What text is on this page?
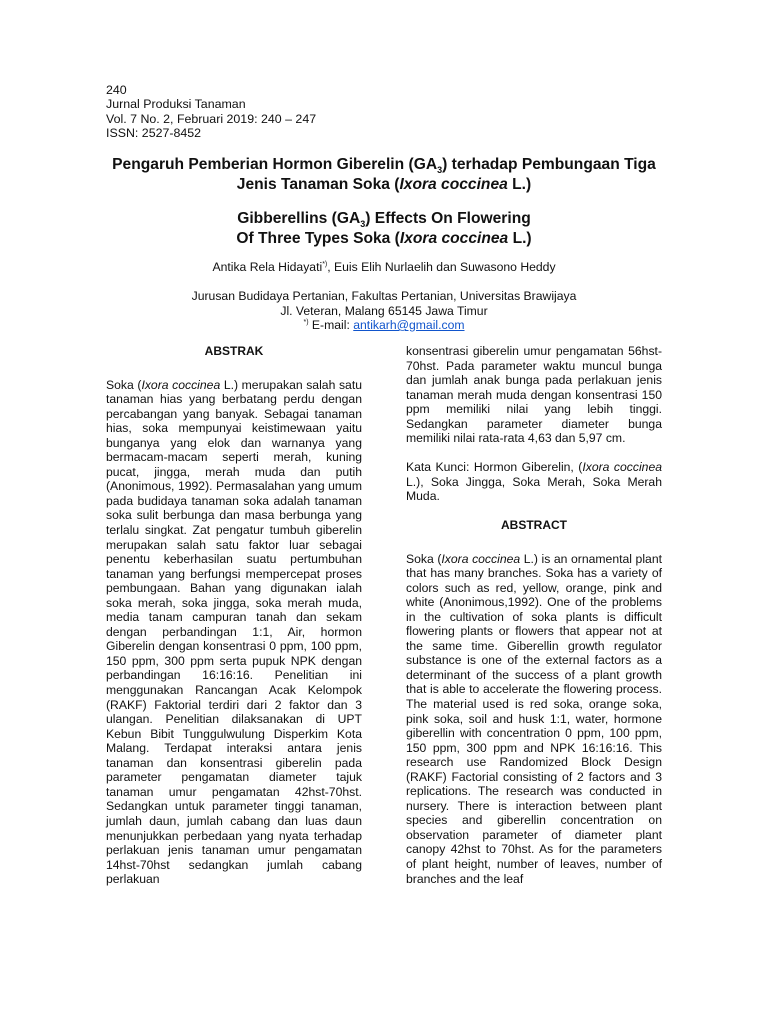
240
Jurnal Produksi Tanaman
Vol. 7 No. 2, Februari 2019: 240 – 247
ISSN: 2527-8452
Pengaruh Pemberian Hormon Giberelin $(GA_3)$ terhadap Pembungaan Tiga
Jenis Tanaman Soka (Ixora coccinea L.)
Gibberellins $(GA_3)$ Effects On Flowering
Of Three Types Soka (Ixora coccinea L.)
Antika Rela Hidayati*), Euis Elih Nurlaelih dan Suwasono Heddy
Jurusan Budidaya Pertanian, Fakultas Pertanian, Universitas Brawijaya
Jl. Veteran, Malang 65145 Jawa Timur
*) E-mail: antikarh@gmail.com
ABSTRAK

Soka (Ixora coccinea L.) merupakan salah satu tanaman hias yang berbatang perdu dengan percabangan yang banyak. Sebagai tanaman hias, soka mempunyai keistimewaan yaitu bunganya yang elok dan warnanya yang bermacam-macam seperti merah, kuning pucat, jingga, merah muda dan putih (Anonimous, 1992). Permasalahan yang umum pada budidaya tanaman soka adalah tanaman soka sulit berbunga dan masa berbunga yang terlalu singkat. Zat pengatur tumbuh giberelin merupakan salah satu faktor luar sebagai penentu keberhasilan suatu pertumbuhan tanaman yang berfungsi mempercepat proses pembungaan. Bahan yang digunakan ialah soka merah, soka jingga, soka merah muda, media tanam campuran tanah dan sekam dengan perbandingan 1:1, Air, hormon Giberelin dengan konsentrasi 0 ppm, 100 ppm, 150 ppm, 300 ppm serta pupuk NPK dengan perbandingan 16:16:16. Penelitian ini menggunakan Rancangan Acak Kelompok (RAKF) Faktorial terdiri dari 2 faktor dan 3 ulangan. Penelitian dilaksanakan di UPT Kebun Bibit Tunggulwulung Disperkim Kota Malang. Terdapat interaksi antara jenis tanaman dan konsentrasi giberelin pada parameter pengamatan diameter tajuk tanaman umur pengamatan 42hst-70hst. Sedangkan untuk parameter tinggi tanaman, jumlah daun, jumlah cabang dan luas daun menunjukkan perbedaan yang nyata terhadap perlakuan jenis tanaman umur pengamatan 14hst-70hst sedangkan jumlah cabang perlakuan

konsentrasi giberelin umur pengamatan 56hst-70hst. Pada parameter waktu muncul bunga dan jumlah anak bunga pada perlakuan jenis tanaman merah muda dengan konsentrasi 150 ppm memiliki nilai yang lebih tinggi. Sedangkan parameter diameter bunga memiliki nilai rata-rata 4,63 dan 5,97 cm.

Kata Kunci: Hormon Giberelin, (Ixora coccinea L.), Soka Jingga, Soka Merah, Soka Merah Muda.

ABSTRACT

Soka (Ixora coccinea L.) is an ornamental plant that has many branches. Soka has a variety of colors such as red, yellow, orange, pink and white (Anonimous,1992). One of the problems in the cultivation of soka plants is difficult flowering plants or flowers that appear not at the same time. Giberellin growth regulator substance is one of the external factors as a determinant of the success of a plant growth that is able to accelerate the flowering process. The material used is red soka, orange soka, pink soka, soil and husk 1:1, water, hormone giberellin with concentration 0 ppm, 100 ppm, 150 ppm, 300 ppm and NPK 16:16:16. This research use Randomized Block Design (RAKF) Factorial consisting of 2 factors and 3 replications. The research was conducted in nursery. There is interaction between plant species and giberellin concentration on observation parameter of diameter plant canopy 42hst to 70hst. As for the parameters of plant height, number of leaves, number of branches and the leaf
